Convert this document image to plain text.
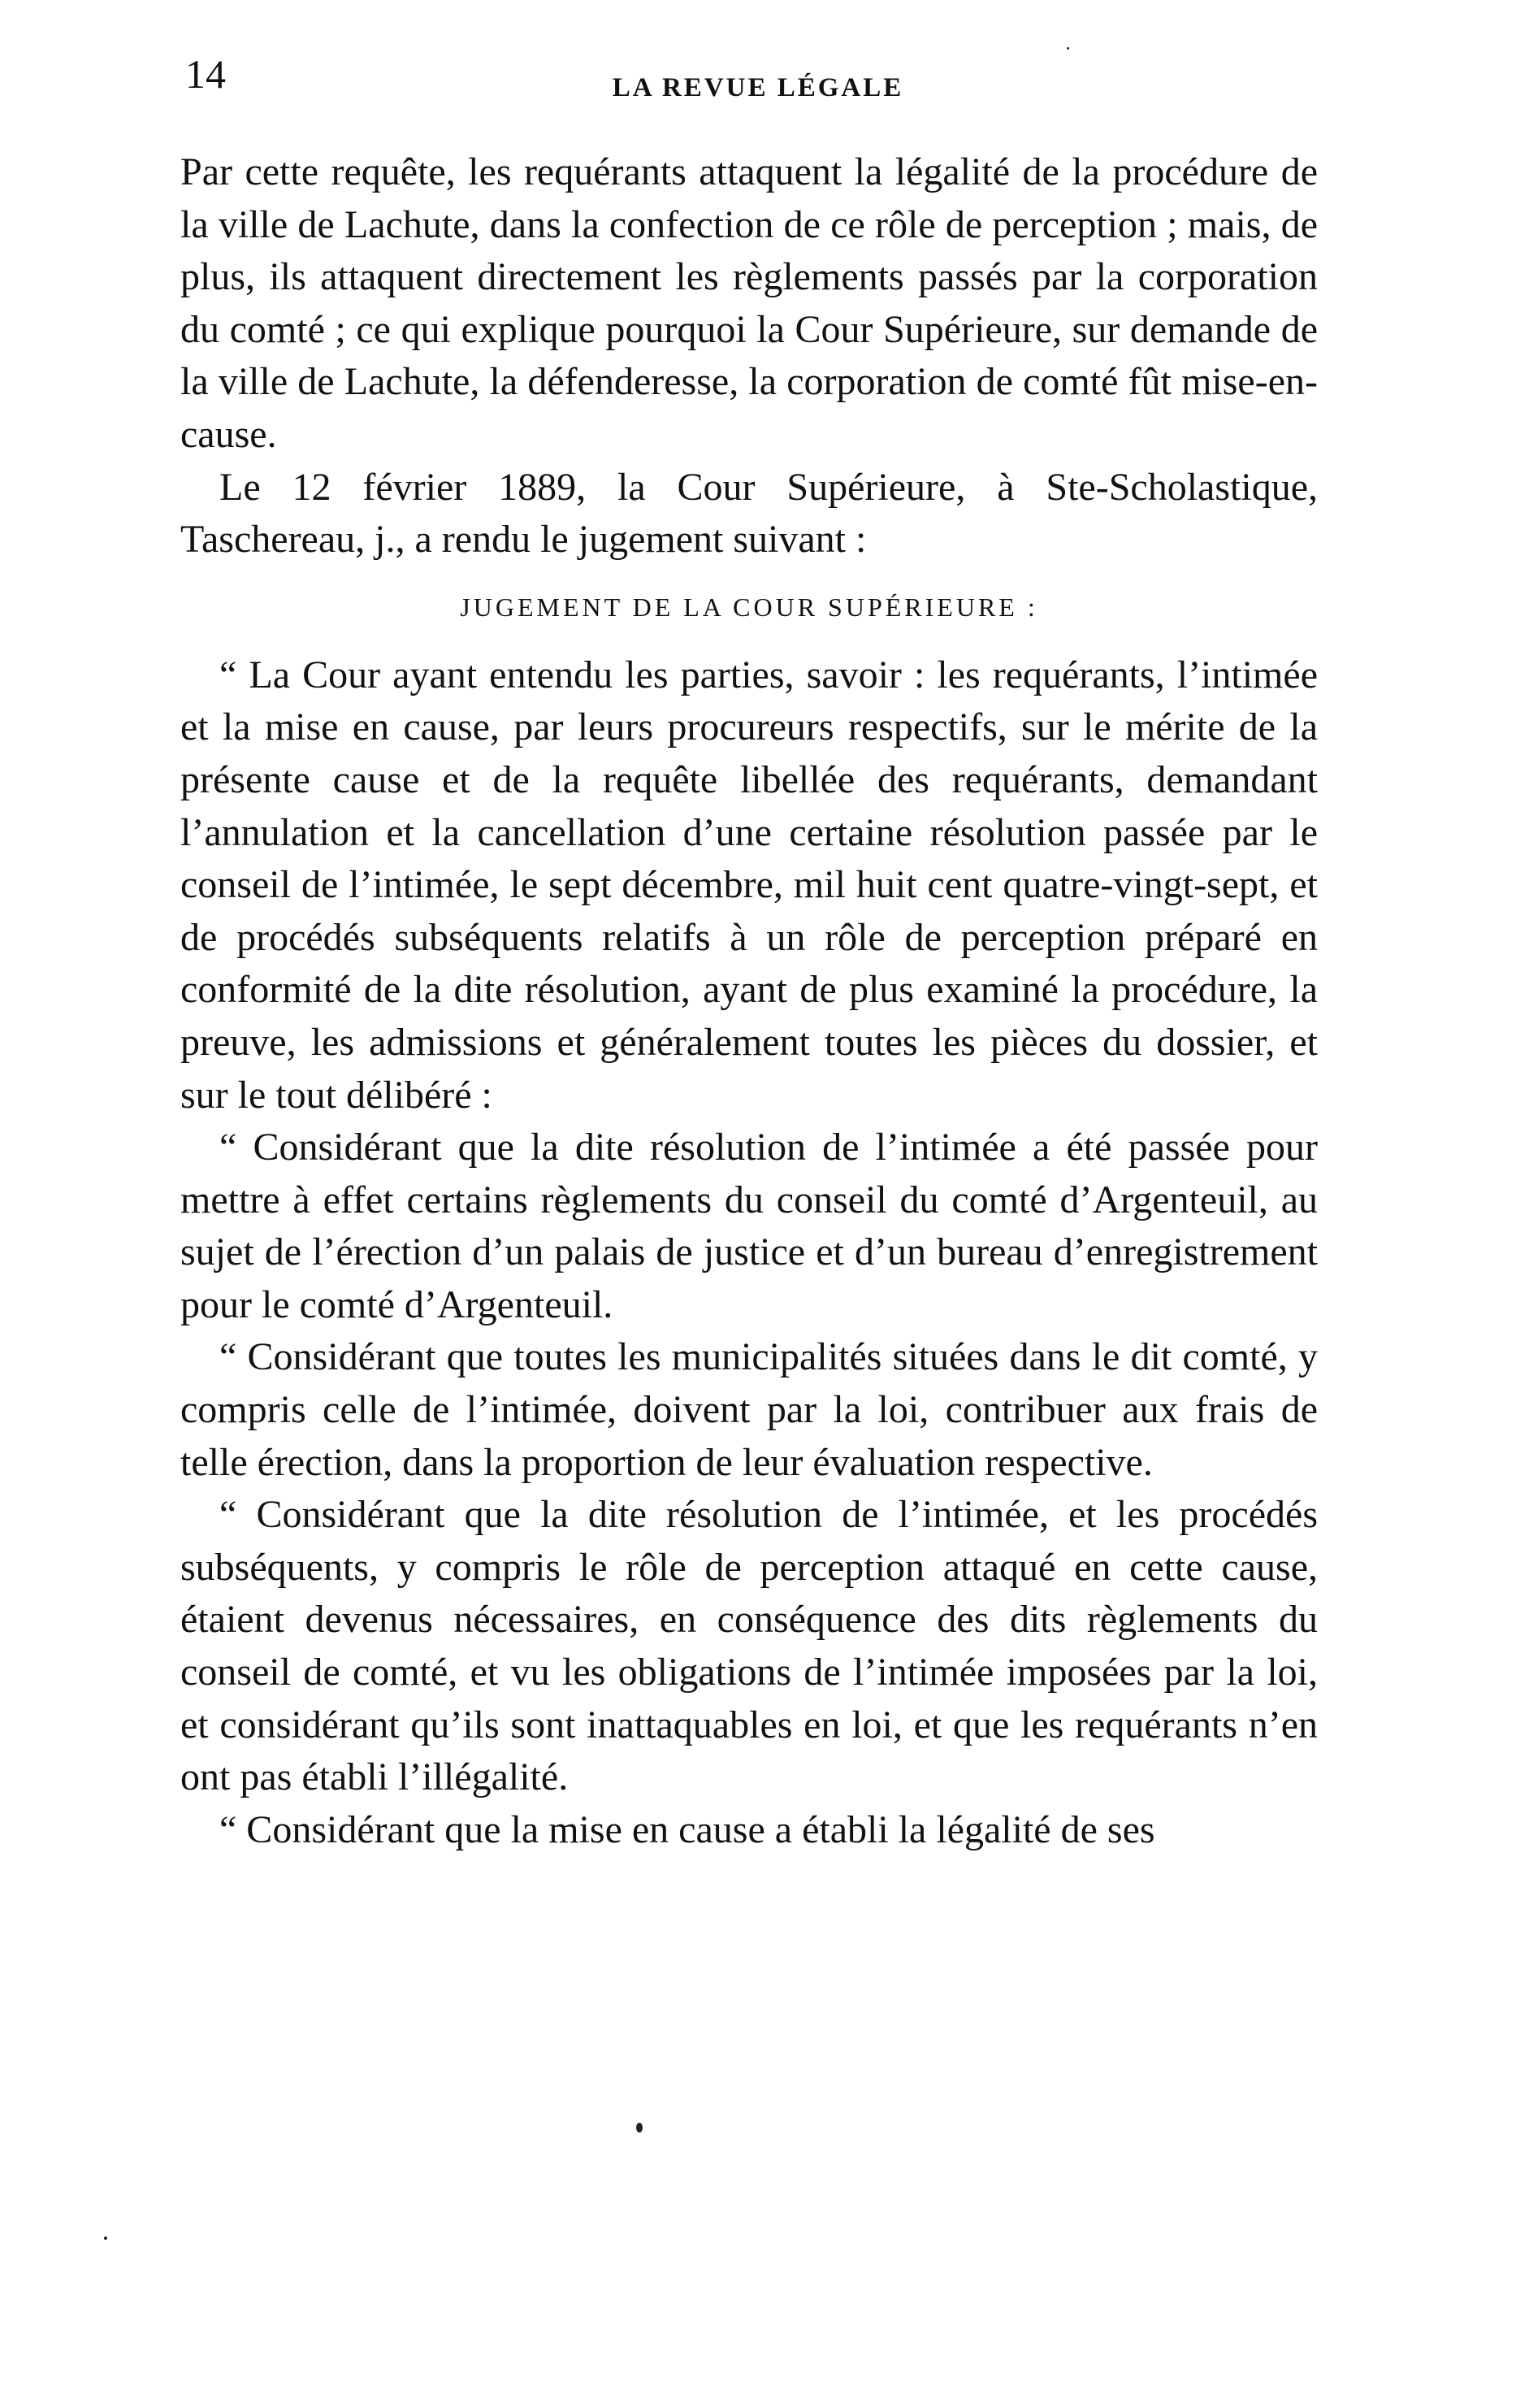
14	LA REVUE LÉGALE

Par cette requête, les requérants attaquent la légalité de la procédure de la ville de Lachute, dans la confection de ce rôle de perception ; mais, de plus, ils attaquent directement les règlements passés par la corporation du comté ; ce qui explique pourquoi la Cour Supérieure, sur demande de la ville de Lachute, la défenderesse, la corporation de comté fût mise-en-cause.

Le 12 février 1889, la Cour Supérieure, à Ste-Scholastique, Taschereau, j., a rendu le jugement suivant :

JUGEMENT DE LA COUR SUPÉRIEURE :

“ La Cour ayant entendu les parties, savoir : les requérants, l’intimée et la mise en cause, par leurs procureurs respectifs, sur le mérite de la présente cause et de la requête libellée des requérants, demandant l’annulation et la cancellation d’une certaine résolution passée par le conseil de l’intimée, le sept décembre, mil huit cent quatre-vingt-sept, et de procédés subséquents relatifs à un rôle de perception préparé en conformité de la dite résolution, ayant de plus examiné la procédure, la preuve, les admissions et généralement toutes les pièces du dossier, et sur le tout délibéré :

“ Considérant que la dite résolution de l’intimée a été passée pour mettre à effet certains règlements du conseil du comté d’Argenteuil, au sujet de l’érection d’un palais de justice et d’un bureau d’enregistrement pour le comté d’Argenteuil.

“ Considérant que toutes les municipalités situées dans le dit comté, y compris celle de l’intimée, doivent par la loi, contribuer aux frais de telle érection, dans la proportion de leur évaluation respective.

“ Considérant que la dite résolution de l’intimée, et les procédés subséquents, y compris le rôle de perception attaqué en cette cause, étaient devenus nécessaires, en conséquence des dits règlements du conseil de comté, et vu les obligations de l’intimée imposées par la loi, et considérant qu’ils sont inattaquables en loi, et que les requérants n’en ont pas établi l’illégalité.

“ Considérant que la mise en cause a établi la légalité de ses
